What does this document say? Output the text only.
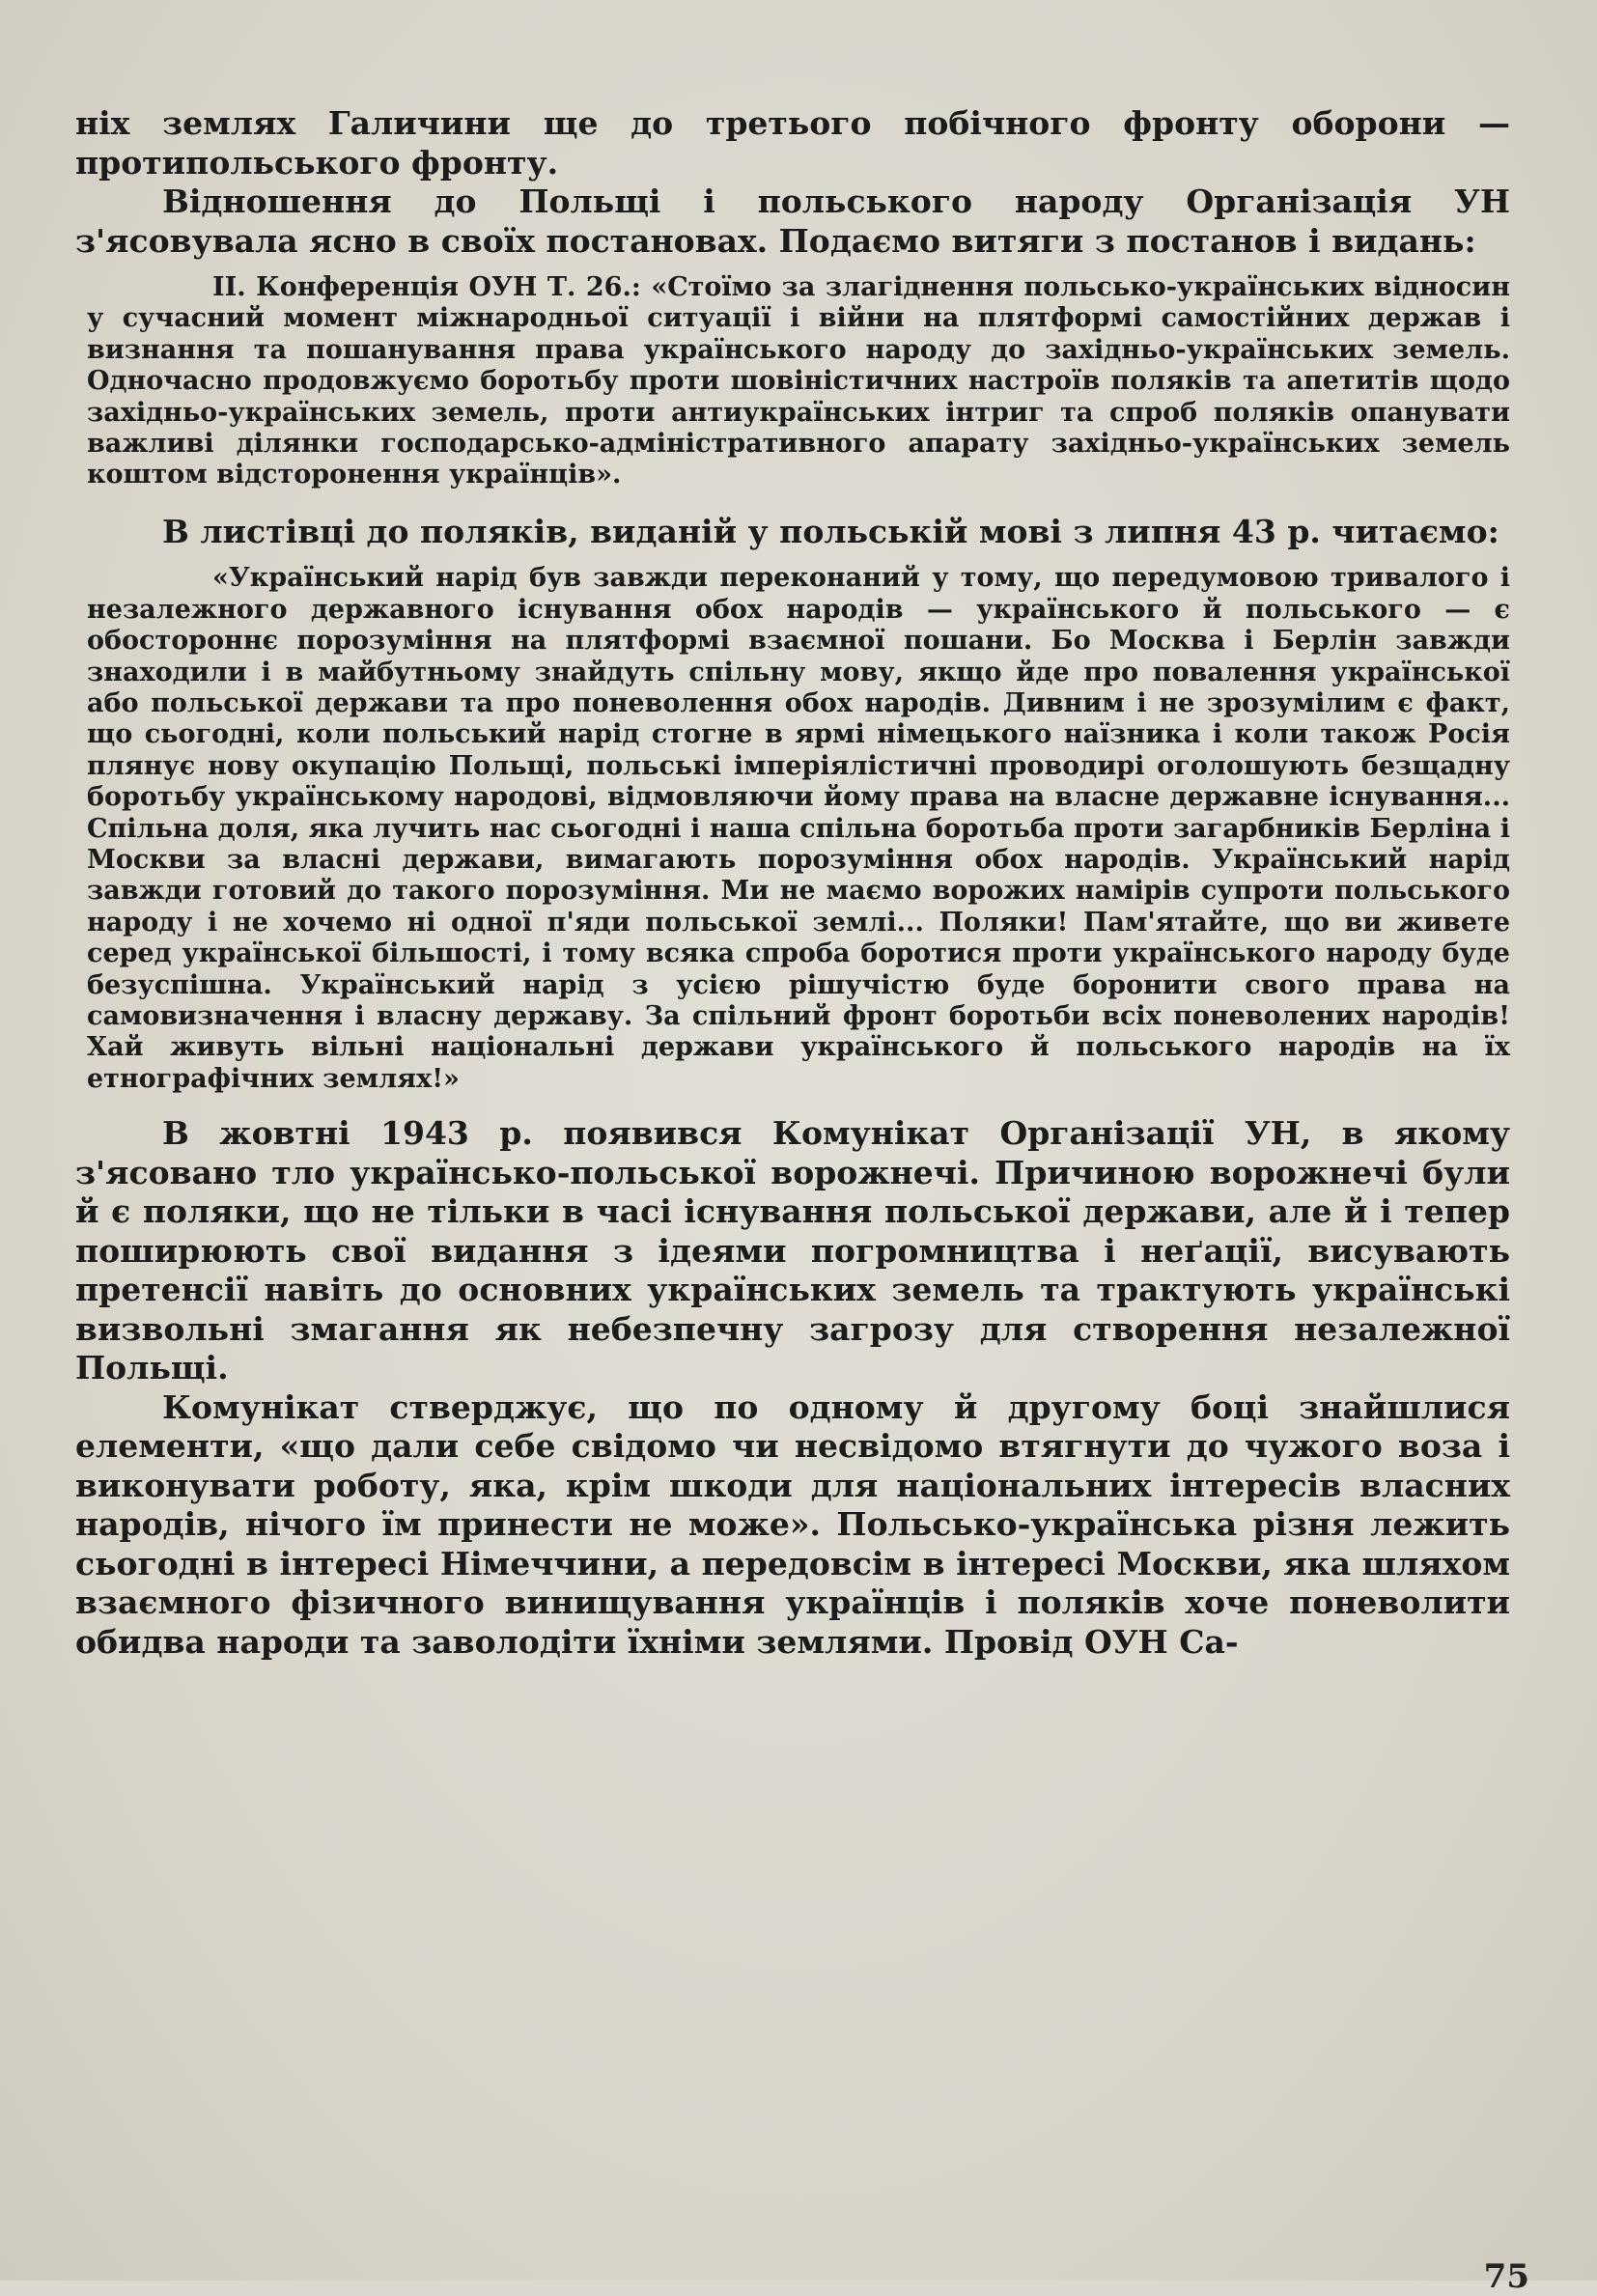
ніх землях Галичини ще до третього побічного фронту оборони — протипольського фронту.

Відношення до Польщі і польського народу Організація УН з'ясовувала ясно в своїх постановах. Подаємо витяги з постанов і видань:

II. Конференція ОУН Т. 26.: «Стоїмо за злагіднення польсько-українських відносин у сучасний момент міжнародньої ситуації і війни на плятформі самостійних держав і визнання та пошанування права українського народу до західньо-українських земель. Одночасно продовжуємо боротьбу проти шовіністичних настроїв поляків та апетитів щодо західньо-українських земель, проти антиукраїнських інтриг та спроб поляків опанувати важливі ділянки господарсько-адміністративного апарату західньо-українських земель коштом відсторонення українців».

В листівці до поляків, виданій у польській мові з липня 43 р. читаємо:

«Український нарід був завжди переконаний у тому, що передумовою тривалого і незалежного державного існування обох народів — українського й польського — є обостороннє порозуміння на плятформі взаємної пошани. Бо Москва і Берлін завжди знаходили і в майбутньому знайдуть спільну мову, якщо йде про повалення української або польської держави та про поневолення обох народів. Дивним і не зрозумілим є факт, що сьогодні, коли польський нарід стогне в ярмі німецького наїзника і коли також Росія плянує нову окупацію Польщі, польські імперіялістичні проводирі оголошують безщадну боротьбу українському народові, відмовляючи йому права на власне державне існування... Спільна доля, яка лучить нас сьогодні і наша спільна боротьба проти загарбників Берліна і Москви за власні держави, вимагають порозуміння обох народів. Український нарід завжди готовий до такого порозуміння. Ми не маємо ворожих намірів супроти польського народу і не хочемо ні одної п'яди польської землі... Поляки! Пам'ятайте, що ви живете серед української більшості, і тому всяка спроба боротися проти українського народу буде безуспішна. Український нарід з усією рішучістю буде боронити свого права на самовизначення і власну державу. За спільний фронт боротьби всіх поневолених народів! Хай живуть вільні національні держави українського й польського народів на їх етнографічних землях!»

В жовтні 1943 р. появився Комунікат Організації УН, в якому з'ясовано тло українсько-польської ворожнечі. Причиною ворожнечі були й є поляки, що не тільки в часі існування польської держави, але й і тепер поширюють свої видання з ідеями погромництва і неґації, висувають претенсії навіть до основних українських земель та трактують українські визвольні змагання як небезпечну загрозу для створення незалежної Польщі.

Комунікат стверджує, що по одному й другому боці знайшлися елементи, «що дали себе свідомо чи несвідомо втягнути до чужого воза і виконувати роботу, яка, крім шкоди для національних інтересів власних народів, нічого їм принести не може». Польсько-українська різня лежить сьогодні в інтересі Німеччини, а передовсім в інтересі Москви, яка шляхом взаємного фізичного винищування українців і поляків хоче поневолити обидва народи та заволодіти їхніми землями. Провід ОУН Са-

75
